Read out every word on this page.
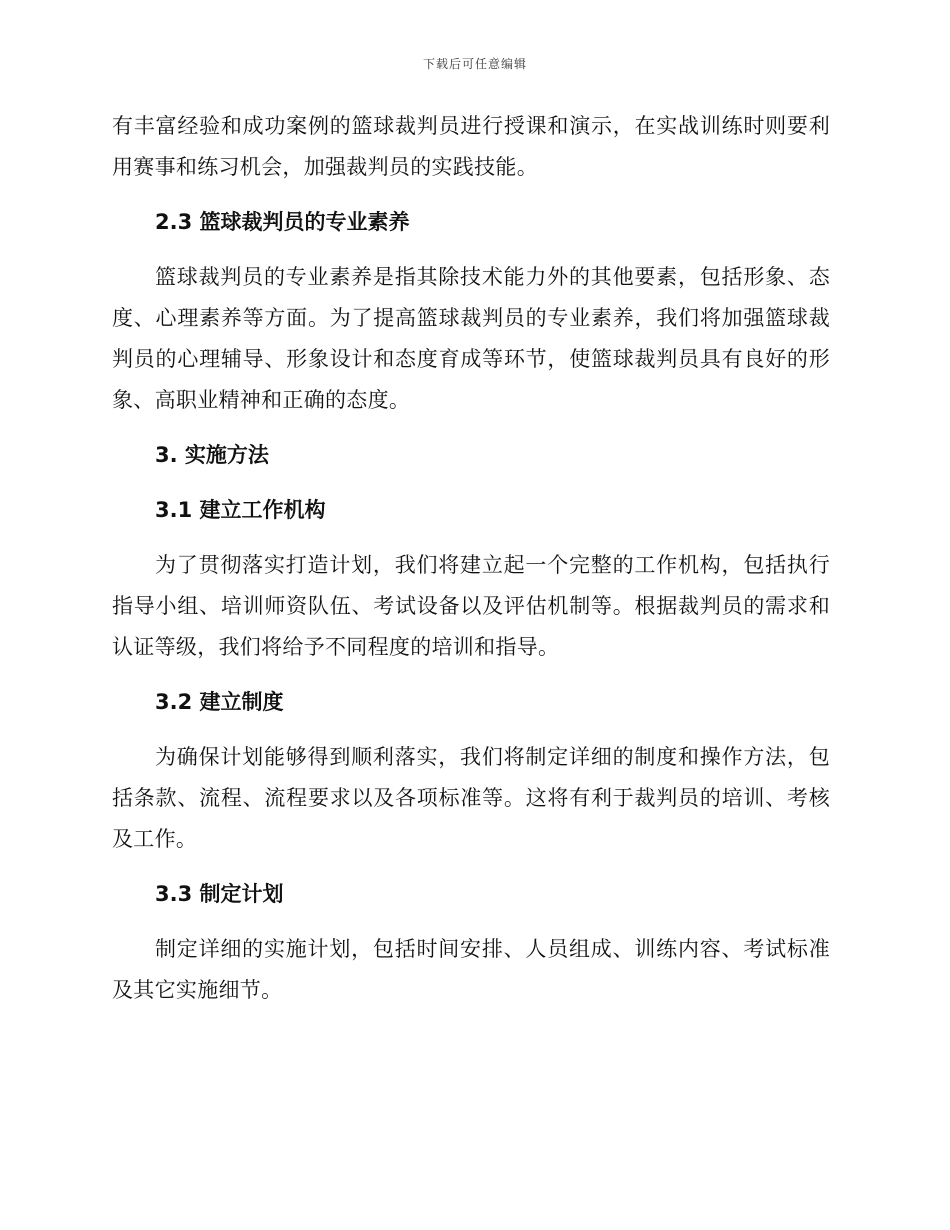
下载后可任意编辑

有丰富经验和成功案例的篮球裁判员进行授课和演示，在实战训练时则要利用赛事和练习机会，加强裁判员的实践技能。

2.3 篮球裁判员的专业素养

篮球裁判员的专业素养是指其除技术能力外的其他要素，包括形象、态度、心理素养等方面。为了提高篮球裁判员的专业素养，我们将加强篮球裁判员的心理辅导、形象设计和态度育成等环节，使篮球裁判员具有良好的形象、高职业精神和正确的态度。

3. 实施方法
3.1 建立工作机构

为了贯彻落实打造计划，我们将建立起一个完整的工作机构，包括执行指导小组、培训师资队伍、考试设备以及评估机制等。根据裁判员的需求和认证等级，我们将给予不同程度的培训和指导。

3.2 建立制度

为确保计划能够得到顺利落实，我们将制定详细的制度和操作方法，包括条款、流程、流程要求以及各项标准等。这将有利于裁判员的培训、考核及工作。

3.3 制定计划

制定详细的实施计划，包括时间安排、人员组成、训练内容、考试标准及其它实施细节。
